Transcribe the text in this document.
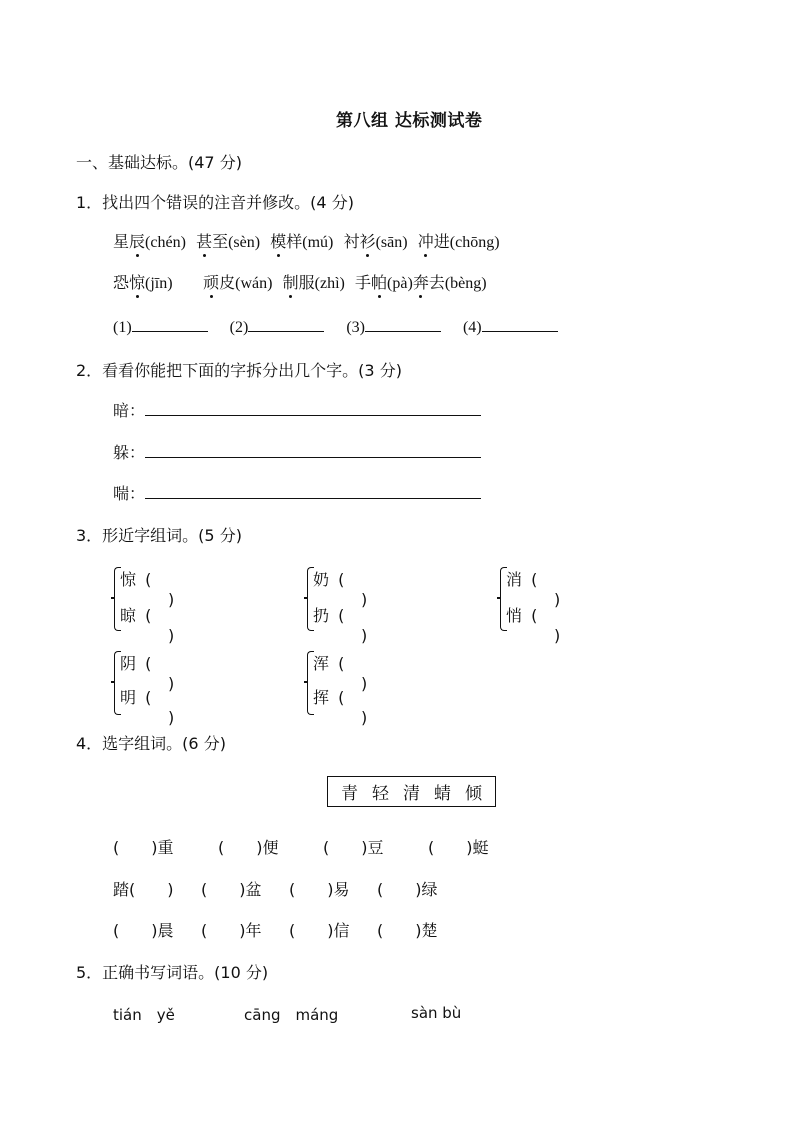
第八组 达标测试卷
一、基础达标。(47 分)
1．找出四个错误的注音并修改。(4 分)
星辰(chén) 甚至(sèn) 模样(mú) 衬衫(sān) 冲进(chōng)
恐惊(jīn) 顽皮(wán) 制服(zhì) 手帕(pà)奔去(bèng)
(1)	(2)	(3)	(4)
2．看看你能把下面的字拆分出几个字。(3 分)
暗：
躲：
喘：
3．形近字组词。(5 分)
惊 ()
晾 ()
奶 ()
扔 ()
消 ()
悄 ()
阴 ()
明 ()
浑 ()
挥 ()
4．选字组词。(6 分)
青 轻 清 蜻 倾
(　　)重	(　　)便	(　　)豆	(　　)蜓
踏(　　) (　　)盆 (　　)易 (　　)绿
(　　)晨 (　　)年 (　　)信 (　　)楚
5．正确书写词语。(10 分)
tián　yě	cāng　máng	sàn bù
